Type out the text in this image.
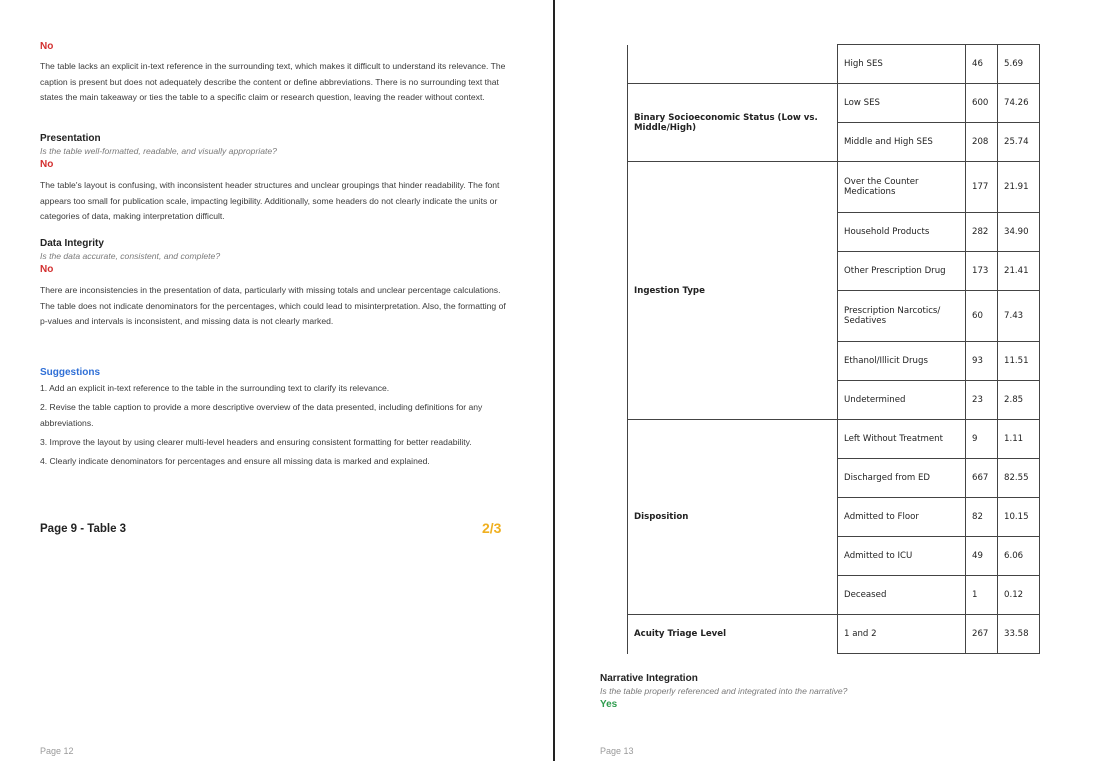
No
The table lacks an explicit in-text reference in the surrounding text, which makes it difficult to understand its relevance. The caption is present but does not adequately describe the content or define abbreviations. There is no surrounding text that states the main takeaway or ties the table to a specific claim or research question, leaving the reader without context.
Presentation
Is the table well-formatted, readable, and visually appropriate?
No
The table's layout is confusing, with inconsistent header structures and unclear groupings that hinder readability. The font appears too small for publication scale, impacting legibility. Additionally, some headers do not clearly indicate the units or categories of data, making interpretation difficult.
Data Integrity
Is the data accurate, consistent, and complete?
No
There are inconsistencies in the presentation of data, particularly with missing totals and unclear percentage calculations. The table does not indicate denominators for the percentages, which could lead to misinterpretation. Also, the formatting of p-values and intervals is inconsistent, and missing data is not clearly marked.
Suggestions
1. Add an explicit in-text reference to the table in the surrounding text to clarify its relevance.
2. Revise the table caption to provide a more descriptive overview of the data presented, including definitions for any abbreviations.
3. Improve the layout by using clearer multi-level headers and ensuring consistent formatting for better readability.
4. Clearly indicate denominators for percentages and ensure all missing data is marked and explained.
Page 9 - Table 3	2/3
Page 12
	High SES	46	5.69
Binary Socioeconomic Status (Low vs. Middle/High)	Low SES	600	74.26
	Middle and High SES	208	25.74
Ingestion Type	Over the Counter Medications	177	21.91
	Household Products	282	34.90
	Other Prescription Drug	173	21.41
	Prescription Narcotics/ Sedatives	60	7.43
	Ethanol/Illicit Drugs	93	11.51
	Undetermined	23	2.85
Disposition	Left Without Treatment	9	1.11
	Discharged from ED	667	82.55
	Admitted to Floor	82	10.15
	Admitted to ICU	49	6.06
	Deceased	1	0.12
Acuity Triage Level	1 and 2	267	33.58
Narrative Integration
Is the table properly referenced and integrated into the narrative?
Yes
Page 13
